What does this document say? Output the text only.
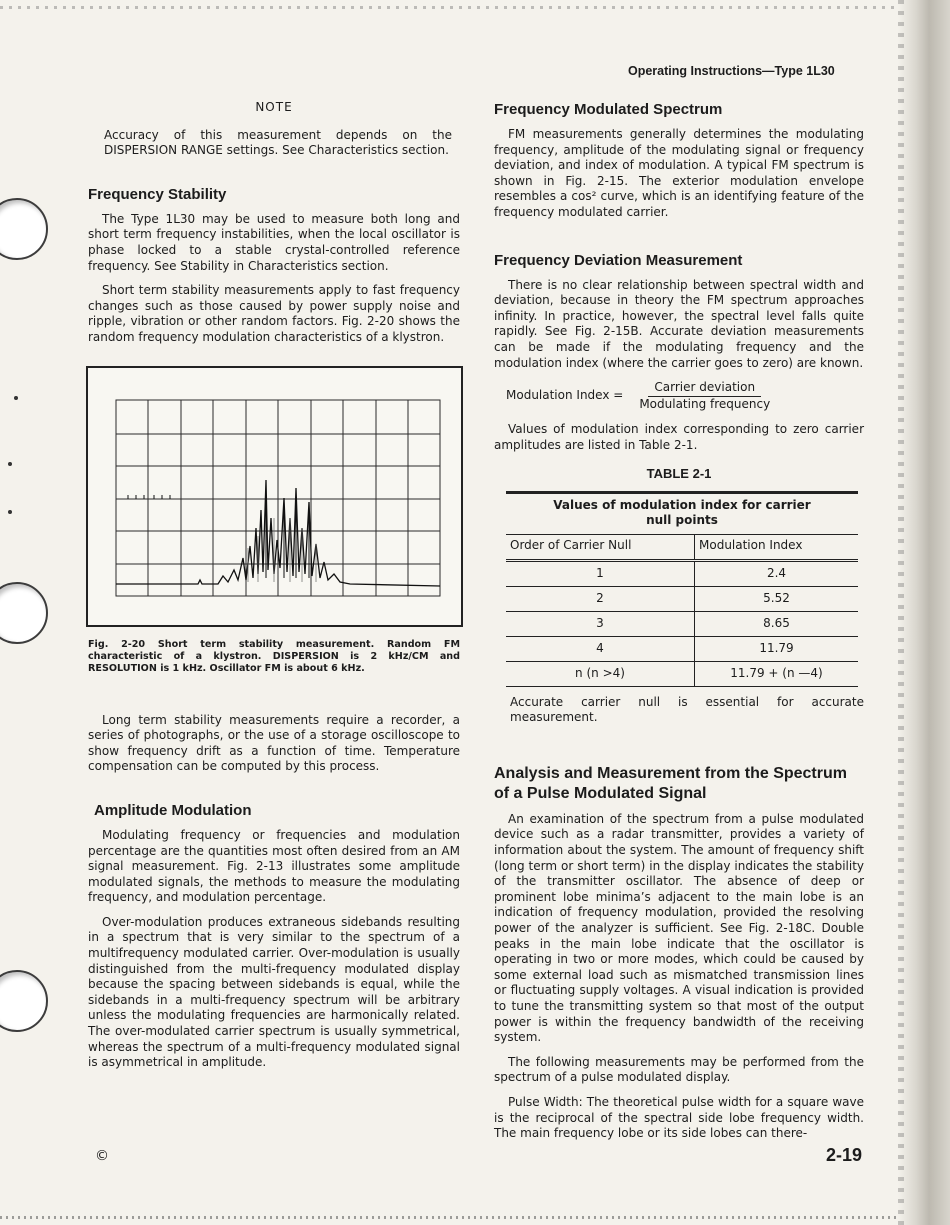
Operating Instructions—Type 1L30
NOTE

Accuracy of this measurement depends on the DISPERSION RANGE settings. See Characteristics section.

Frequency Stability

The Type 1L30 may be used to measure both long and short term frequency instabilities, when the local oscillator is phase locked to a stable crystal-controlled reference frequency. See Stability in Characteristics section.

Short term stability measurements apply to fast frequency changes such as those caused by power supply noise and ripple, vibration or other random factors. Fig. 2-20 shows the random frequency modulation characteristics of a klystron.

Fig. 2-20 Short term stability measurement. Random FM characteristic of a klystron. DISPERSION is 2 kHz/CM and RESOLUTION is 1 kHz. Oscillator FM is about 6 kHz.

Long term stability measurements require a recorder, a series of photographs, or the use of a storage oscilloscope to show frequency drift as a function of time. Temperature compensation can be computed by this process.

Amplitude Modulation

Modulating frequency or frequencies and modulation percentage are the quantities most often desired from an AM signal measurement. Fig. 2-13 illustrates some amplitude modulated signals, the methods to measure the modulating frequency, and modulation percentage.

Over-modulation produces extraneous sidebands resulting in a spectrum that is very similar to the spectrum of a multifrequency modulated carrier. Over-modulation is usually distinguished from the multi-frequency modulated display because the spacing between sidebands is equal, while the sidebands in a multi-frequency spectrum will be arbitrary unless the modulating frequencies are harmonically related. The over-modulated carrier spectrum is usually symmetrical, whereas the spectrum of a multi-frequency modulated signal is asymmetrical in amplitude.

Frequency Modulated Spectrum

FM measurements generally determines the modulating frequency, amplitude of the modulating signal or frequency deviation, and index of modulation. A typical FM spectrum is shown in Fig. 2-15. The exterior modulation envelope resembles a cos² curve, which is an identifying feature of the frequency modulated carrier.

Frequency Deviation Measurement

There is no clear relationship between spectral width and deviation, because in theory the FM spectrum approaches infinity. In practice, however, the spectral level falls quite rapidly. See Fig. 2-15B. Accurate deviation measurements can be made if the modulating frequency and the modulation index (where the carrier goes to zero) are known.

Modulation Index = $\frac{\text{Carrier deviation}}{\text{Modulating frequency}}$

Values of modulation index corresponding to zero carrier amplitudes are listed in Table 2-1.

TABLE 2-1
Values of modulation index for carrier null points
Order of Carrier Null	Modulation Index
1	2.4
2	5.52
3	8.65
4	11.79
n (n >4)	11.79 + (n —4)

Accurate carrier null is essential for accurate measurement.

Analysis and Measurement from the Spectrum of a Pulse Modulated Signal

An examination of the spectrum from a pulse modulated device such as a radar transmitter, provides a variety of information about the system. The amount of frequency shift (long term or short term) in the display indicates the stability of the transmitter oscillator. The absence of deep or prominent lobe minima’s adjacent to the main lobe is an indication of frequency modulation, provided the resolving power of the analyzer is sufficient. See Fig. 2-18C. Double peaks in the main lobe indicate that the oscillator is operating in two or more modes, which could be caused by some external load such as mismatched transmission lines or fluctuating supply voltages. A visual indication is provided to tune the transmitting system so that most of the output power is within the frequency bandwidth of the receiving system.

The following measurements may be performed from the spectrum of a pulse modulated display.

Pulse Width: The theoretical pulse width for a square wave is the reciprocal of the spectral side lobe frequency width. The main frequency lobe or its side lobes can there-

©	2-19
